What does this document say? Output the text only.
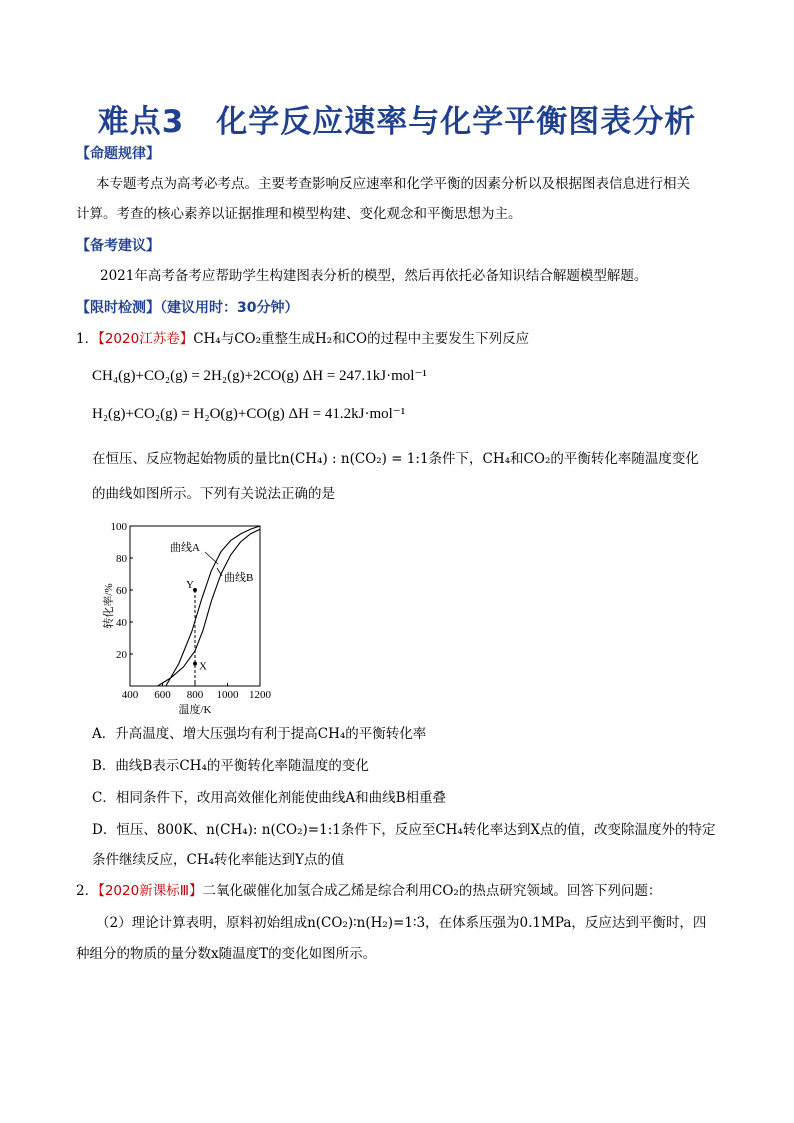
难点3　化学反应速率与化学平衡图表分析
【命题规律】
本专题考点为高考必考点。主要考查影响反应速率和化学平衡的因素分析以及根据图表信息进行相关
计算。考查的核心素养以证据推理和模型构建、变化观念和平衡思想为主。
【备考建议】
2021年高考备考应帮助学生构建图表分析的模型，然后再依托必备知识结合解题模型解题。
【限时检测】（建议用时：30分钟）
1．【2020江苏卷】CH₄与CO₂重整生成H₂和CO的过程中主要发生下列反应
CH₄(g)+CO₂(g) = 2H₂(g)+2CO(g) ΔH = 247.1kJ·mol⁻¹
H₂(g)+CO₂(g) = H₂O(g)+CO(g) ΔH = 41.2kJ·mol⁻¹
在恒压、反应物起始物质的量比n(CH₄) : n(CO₂) = 1:1条件下，CH₄和CO₂的平衡转化率随温度变化
的曲线如图所示。下列有关说法正确的是
400 600 800 1000 1200
20
40
60
80
100
温度/K
转化率/%	Y
X
曲线A
曲线B
A．升高温度、增大压强均有利于提高CH₄的平衡转化率
B．曲线B表示CH₄的平衡转化率随温度的变化
C．相同条件下，改用高效催化剂能使曲线A和曲线B相重叠
D．恒压、800K、n(CH₄): n(CO₂)=1:1条件下，反应至CH₄转化率达到X点的值，改变除温度外的特定
条件继续反应，CH₄转化率能达到Y点的值
2．【2020新课标Ⅲ】二氧化碳催化加氢合成乙烯是综合利用CO₂的热点研究领域。回答下列问题：
（2）理论计算表明，原料初始组成n(CO₂)∶n(H₂)=1∶3，在体系压强为0.1MPa，反应达到平衡时，四
种组分的物质的量分数x随温度T的变化如图所示。
